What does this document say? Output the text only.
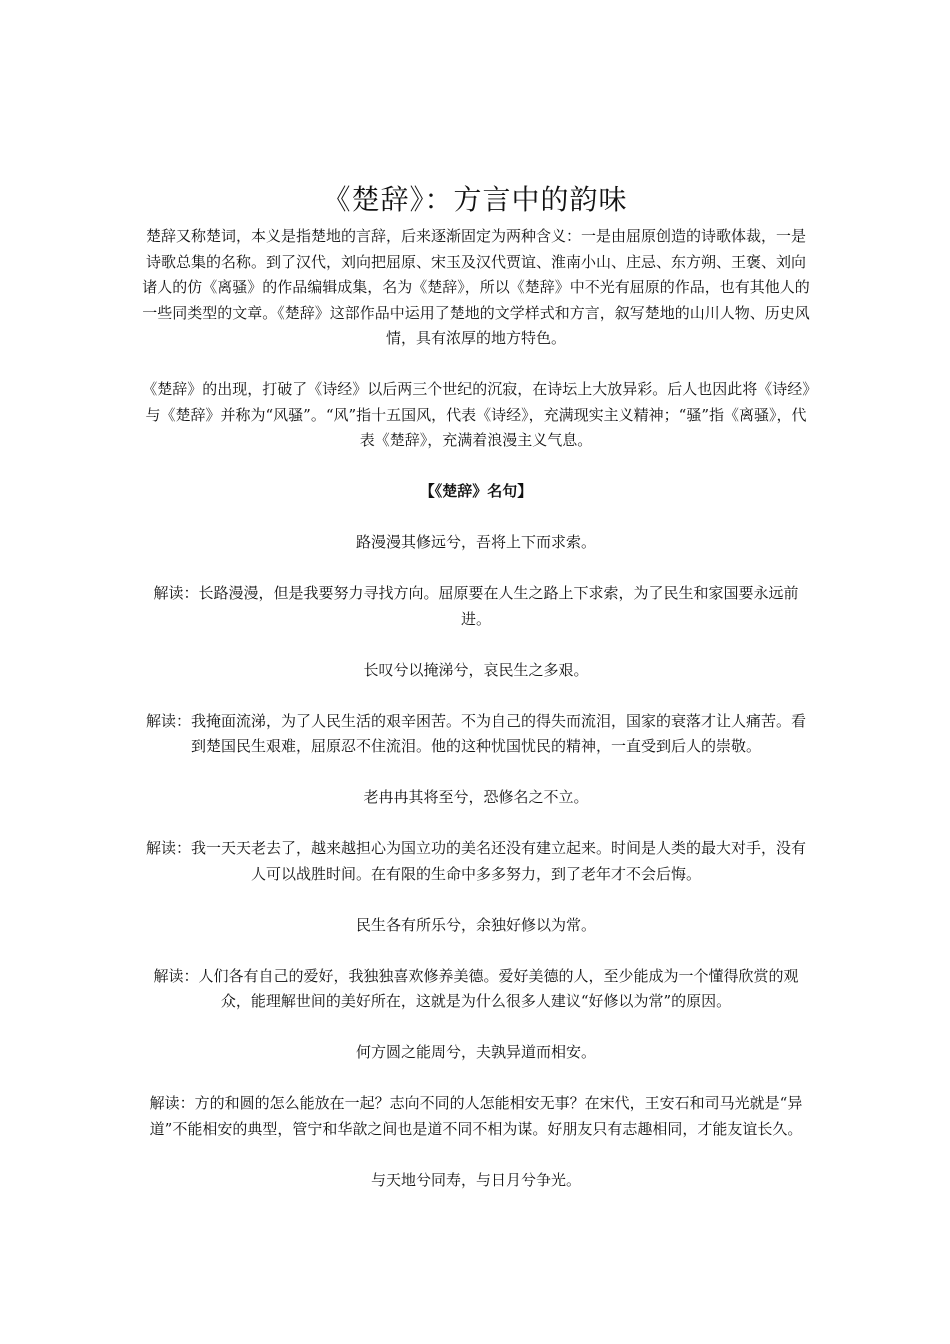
《楚辞》：方言中的韵味

楚辞又称楚词，本义是指楚地的言辞，后来逐渐固定为两种含义：一是由屈原创造的诗歌体裁，一是诗歌总集的名称。到了汉代，刘向把屈原、宋玉及汉代贾谊、淮南小山、庄忌、东方朔、王褒、刘向诸人的仿《离骚》的作品编辑成集，名为《楚辞》，所以《楚辞》中不光有屈原的作品，也有其他人的一些同类型的文章。《楚辞》这部作品中运用了楚地的文学样式和方言，叙写楚地的山川人物、历史风情，具有浓厚的地方特色。

《楚辞》的出现，打破了《诗经》以后两三个世纪的沉寂，在诗坛上大放异彩。后人也因此将《诗经》与《楚辞》并称为“风骚”。“风”指十五国风，代表《诗经》，充满现实主义精神；“骚”指《离骚》，代表《楚辞》，充满着浪漫主义气息。

【《楚辞》名句】

路漫漫其修远兮，吾将上下而求索。

解读：长路漫漫，但是我要努力寻找方向。屈原要在人生之路上下求索，为了民生和家国要永远前进。

长叹兮以掩涕兮，哀民生之多艰。

解读：我掩面流涕，为了人民生活的艰辛困苦。不为自己的得失而流泪，国家的衰落才让人痛苦。看到楚国民生艰难，屈原忍不住流泪。他的这种忧国忧民的精神，一直受到后人的崇敬。

老冉冉其将至兮，恐修名之不立。

解读：我一天天老去了，越来越担心为国立功的美名还没有建立起来。时间是人类的最大对手，没有人可以战胜时间。在有限的生命中多多努力，到了老年才不会后悔。

民生各有所乐兮，余独好修以为常。

解读：人们各有自己的爱好，我独独喜欢修养美德。爱好美德的人，至少能成为一个懂得欣赏的观众，能理解世间的美好所在，这就是为什么很多人建议“好修以为常”的原因。

何方圆之能周兮，夫孰异道而相安。

解读：方的和圆的怎么能放在一起？志向不同的人怎能相安无事？在宋代，王安石和司马光就是“异道”不能相安的典型，管宁和华歆之间也是道不同不相为谋。好朋友只有志趣相同，才能友谊长久。

与天地兮同寿，与日月兮争光。
